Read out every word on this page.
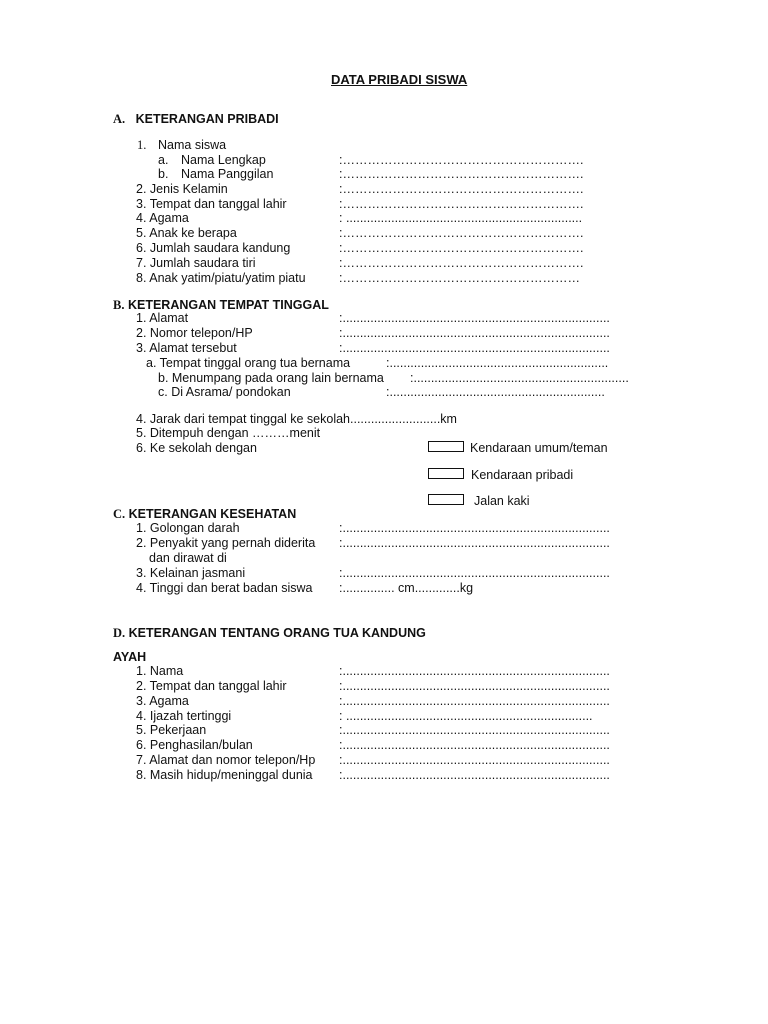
DATA PRIBADI SISWA
A. KETERANGAN PRIBADI
1. Nama siswa
a. Nama Lengkap	:………………………………………………….
b. Nama Panggilan	:………………………………………………….
2. Jenis Kelamin	:………………………………………………….
3. Tempat dan tanggal lahir	:………………………………………………….
4. Agama	: ....................................................................
5. Anak ke berapa	:………………………………………………….
6. Jumlah saudara kandung	:………………………………………………….
7. Jumlah saudara tiri	:………………………………………………….
8. Anak yatim/piatu/yatim piatu	:…………………………………………………
B. KETERANGAN TEMPAT TINGGAL
1. Alamat	:.............................................................................
2. Nomor telepon/HP	:.............................................................................
3. Alamat tersebut	:.............................................................................
a. Tempat tinggal orang tua bernama	:...............................................................
b. Menumpang pada orang lain bernama :..............................................................
c. Di Asrama/ pondokan	:..............................................................
4. Jarak dari tempat tinggal ke sekolah..........................km
5. Ditempuh dengan ………menit
6. Ke sekolah dengan	Kendaraan umum/teman
Kendaraan pribadi
Jalan kaki
C. KETERANGAN KESEHATAN
1. Golongan darah	:.............................................................................
2. Penyakit yang pernah diderita :.............................................................................
dan dirawat di
3. Kelainan jasmani	:.............................................................................
4. Tinggi dan berat badan siswa :............... cm.............kg
D. KETERANGAN TENTANG ORANG TUA KANDUNG
AYAH
1. Nama	:.............................................................................
2. Tempat dan tanggal lahir	:.............................................................................
3. Agama	:.............................................................................
4. Ijazah tertinggi	: .......................................................................
5. Pekerjaan	:.............................................................................
6. Penghasilan/bulan	:.............................................................................
7. Alamat dan nomor telepon/Hp :.............................................................................
8. Masih hidup/meninggal dunia :.............................................................................
